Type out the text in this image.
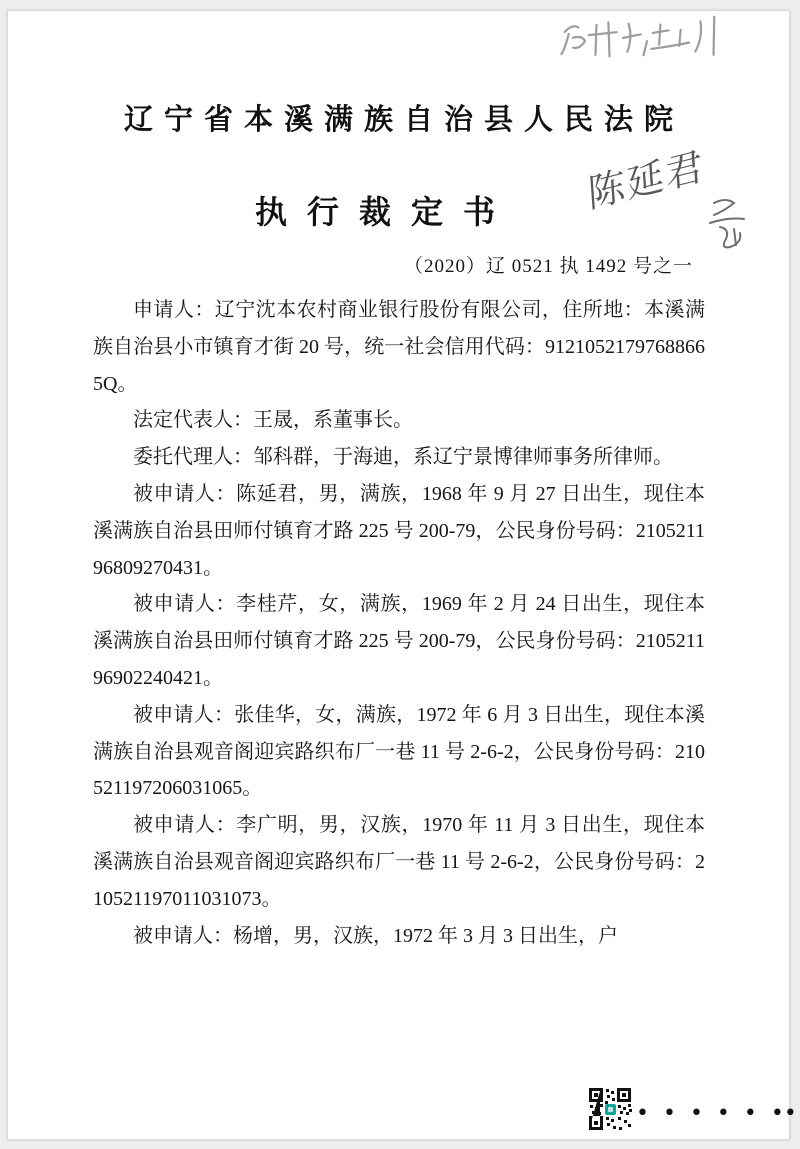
辽宁省本溪满族自治县人民法院
陈延君
执行裁定书
（2020）辽 0521 执 1492 号之一

申请人：辽宁沈本农村商业银行股份有限公司，住所地：本溪满族自治县小市镇育才街 20 号，统一社会信用代码：91210521797688665Q。

法定代表人：王晟，系董事长。

委托代理人：邹科群，于海迪，系辽宁景博律师事务所律师。

被申请人：陈延君，男，满族，1968 年 9 月 27 日出生，现住本溪满族自治县田师付镇育才路 225 号 200-79，公民身份号码：210521196809270431。

被申请人：李桂芹，女，满族，1969 年 2 月 24 日出生，现住本溪满族自治县田师付镇育才路 225 号 200-79，公民身份号码：210521196902240421。

被申请人：张佳华，女，满族，1972 年 6 月 3 日出生，现住本溪满族自治县观音阁迎宾路织布厂一巷 11 号 2-6-2，公民身份号码：210521197206031065。

被申请人：李广明，男，汉族，1970 年 11 月 3 日出生，现住本溪满族自治县观音阁迎宾路织布厂一巷 11 号 2-6-2，公民身份号码：210521197011031073。

被申请人：杨增，男，汉族，1972 年 3 月 3 日出生，户

• • • • • ••
